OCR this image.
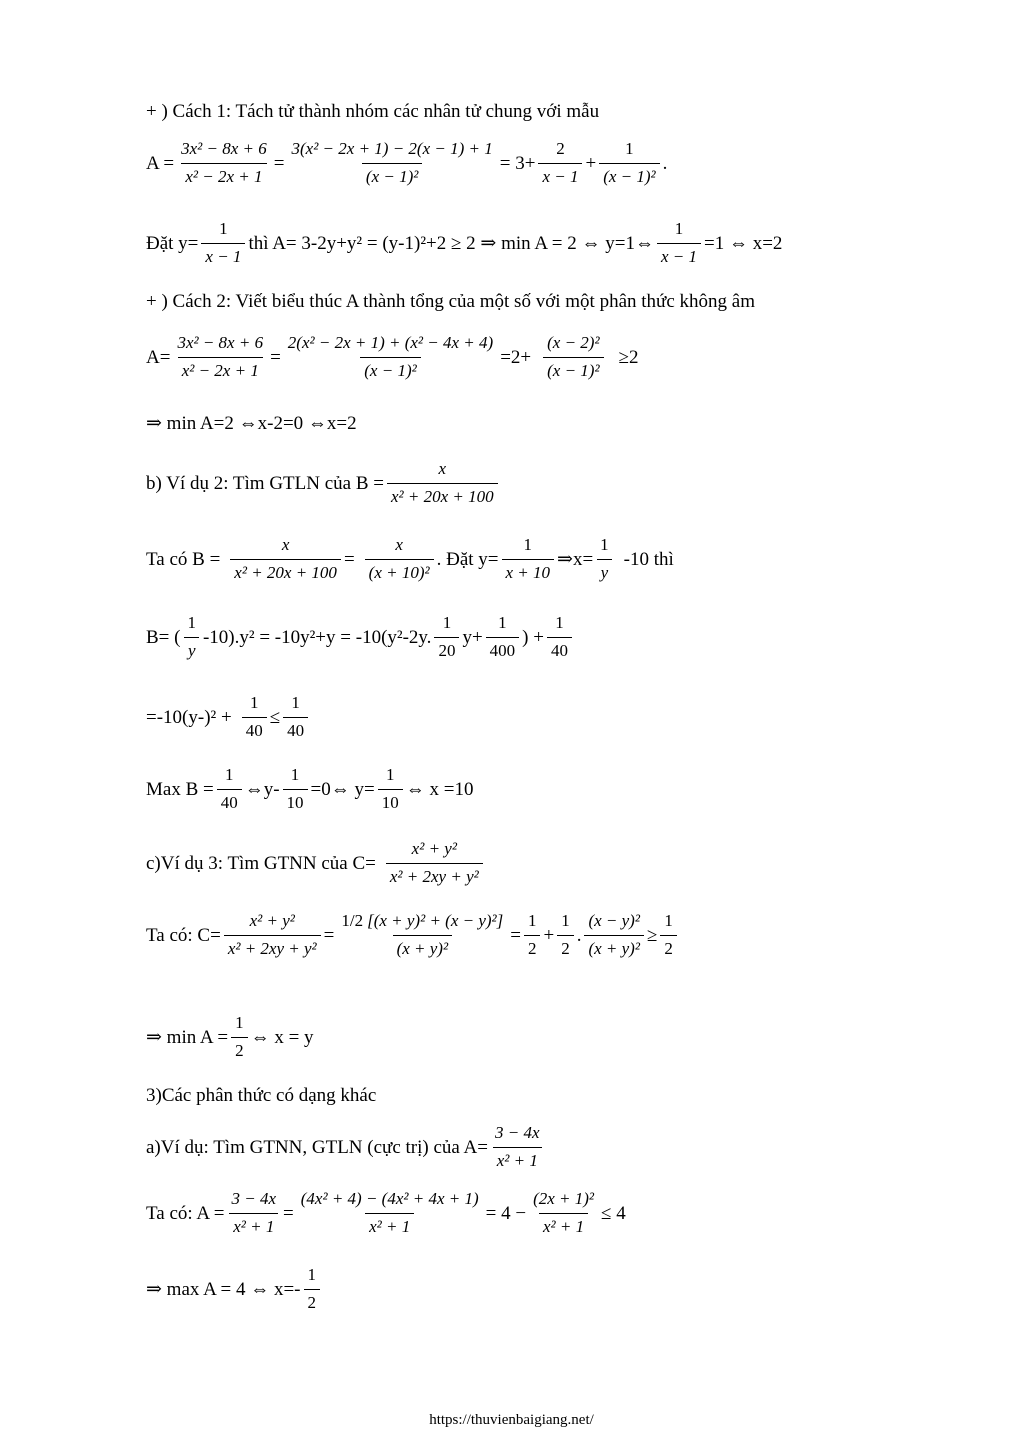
+ ) Cách 1: Tách tử thành nhóm các nhân tử chung với mẫu
$A = \frac{\text{3x² − 8x + 6}}{\text{x² − 2x + 1}} = \frac{\text{3(x² − 2x + 1) − 2(x − 1) + 1}}{\text{(x − 1)²}} = 3+ \frac{2}{x - 1} + \frac{1}{\text{(x − 1)²}}$ .
Đặt $y= \frac{1}{x - 1}$ thì A= 3-2y+y² = (y-1)²+2 ≥ 2 ⇒ min A = 2 ⇔ y=1⇔ $\frac{1}{x - 1} =1$ ⇔ x=2
+ ) Cách 2: Viết biểu thúc A thành tổng của một số với một phân thức không âm
$A= \frac{\text{3x² − 8x + 6}}{\text{x² − 2x + 1}} = \frac{\text{2(x² − 2x + 1) + (x² − 4x + 4)}}{\text{(x − 1)²}} =2+ \frac{\text{(x − 2)²}}{\text{(x − 1)²}} \ge 2$
⇒ min A=2 ⇔x-2=0 ⇔x=2
b) Ví dụ 2: Tìm GTLN của $B = \frac{x}{\text{x² + 20x + 100}}$
Ta có $B = \frac{x}{\text{x² + 20x + 100}} = \frac{x}{\text{(x + 10)²}}$ . Đặt $y= \frac{1}{x + 10}$ ⇒x= $\frac{1}{y} -10$ thì
B= ( $\frac{1}{y} -10).y^2 = -10y^2+y = -10(y^2-2y$. $\frac{1}{20} y+ \frac{1}{400}$ ) + $\frac{1}{40}$
$=-10(y-)^2 + \frac{1}{40} \le \frac{1}{40}$
Max $B = \frac{1}{40}$ ⇔y- $\frac{1}{10}$ =0⇔ $y= \frac{1}{10}$ ⇔ x =10
c)Ví dụ 3: Tìm GTNN của $C= \frac{\text{x² + y²}}{\text{x² + 2xy + y²}}$
Ta có: $C= \frac{\text{x² + y²}}{\text{x² + 2xy + y²}} = \frac{\text{1/2 [(x + y)² + (x − y)²]}}{\text{(x + y)²}} = \frac{1}{2} + \frac{1}{2}$ . $\frac{\text{(x − y)²}}{\text{(x + y)²}} \ge \frac{1}{2}$
⇒ $\min A = \frac{1}{2}$ ⇔ x = y
3)Các phân thức có dạng khác
a)Ví dụ: Tìm GTNN, GTLN (cực trị) của $A= \frac{3 - 4x}{\text{x² + 1}}$
Ta có: $A = \frac{3 - 4x}{\text{x² + 1}} = \frac{\text{(4x² + 4) − (4x² + 4x + 1)}}{\text{x² + 1}} = 4 - \frac{\text{(2x + 1)²}}{\text{x² + 1}} \le 4$
⇒ max A = 4 ⇔ $x=- \frac{1}{2}$
https://thuvienbaigiang.net/
